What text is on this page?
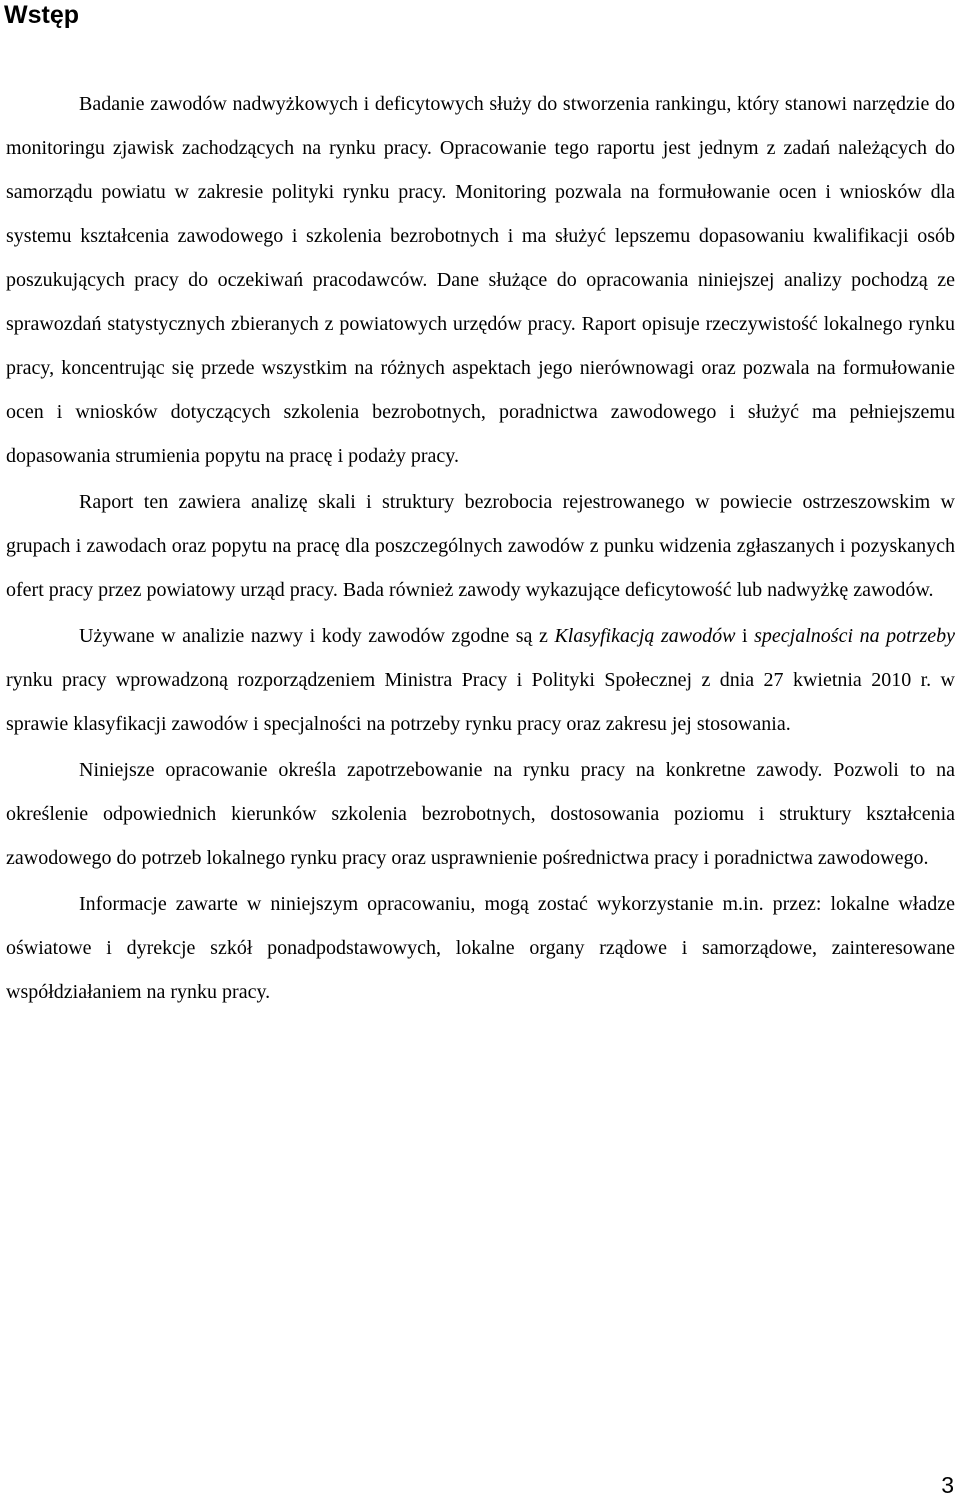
Wstęp

Badanie zawodów nadwyżkowych i deficytowych służy do stworzenia rankingu, który stanowi narzędzie do monitoringu zjawisk zachodzących na rynku pracy. Opracowanie tego raportu jest jednym z zadań należących do samorządu powiatu w zakresie polityki rynku pracy. Monitoring pozwala na formułowanie ocen i wniosków dla systemu kształcenia zawodowego i szkolenia bezrobotnych i ma służyć lepszemu dopasowaniu kwalifikacji osób poszukujących pracy do oczekiwań pracodawców. Dane służące do opracowania niniejszej analizy pochodzą ze sprawozdań statystycznych zbieranych z powiatowych urzędów pracy. Raport opisuje rzeczywistość lokalnego rynku pracy, koncentrując się przede wszystkim na różnych aspektach jego nierównowagi oraz pozwala na formułowanie ocen i wniosków dotyczących szkolenia bezrobotnych, poradnictwa zawodowego i służyć ma pełniejszemu dopasowania strumienia popytu na pracę i podaży pracy.

Raport ten zawiera analizę skali i struktury bezrobocia rejestrowanego w powiecie ostrzeszowskim w grupach i zawodach oraz popytu na pracę dla poszczególnych zawodów z punku widzenia zgłaszanych i pozyskanych ofert pracy przez powiatowy urząd pracy. Bada również zawody wykazujące deficytowość lub nadwyżkę zawodów.

Używane w analizie nazwy i kody zawodów zgodne są z Klasyfikacją zawodów i specjalności na potrzeby rynku pracy wprowadzoną rozporządzeniem Ministra Pracy i Polityki Społecznej z dnia 27 kwietnia 2010 r. w sprawie klasyfikacji zawodów i specjalności na potrzeby rynku pracy oraz zakresu jej stosowania.

Niniejsze opracowanie określa zapotrzebowanie na rynku pracy na konkretne zawody. Pozwoli to na określenie odpowiednich kierunków szkolenia bezrobotnych, dostosowania poziomu i struktury kształcenia zawodowego do potrzeb lokalnego rynku pracy oraz usprawnienie pośrednictwa pracy i poradnictwa zawodowego.

Informacje zawarte w niniejszym opracowaniu, mogą zostać wykorzystanie m.in. przez: lokalne władze oświatowe i dyrekcje szkół ponadpodstawowych, lokalne organy rządowe i samorządowe, zainteresowane współdziałaniem na rynku pracy.

3
